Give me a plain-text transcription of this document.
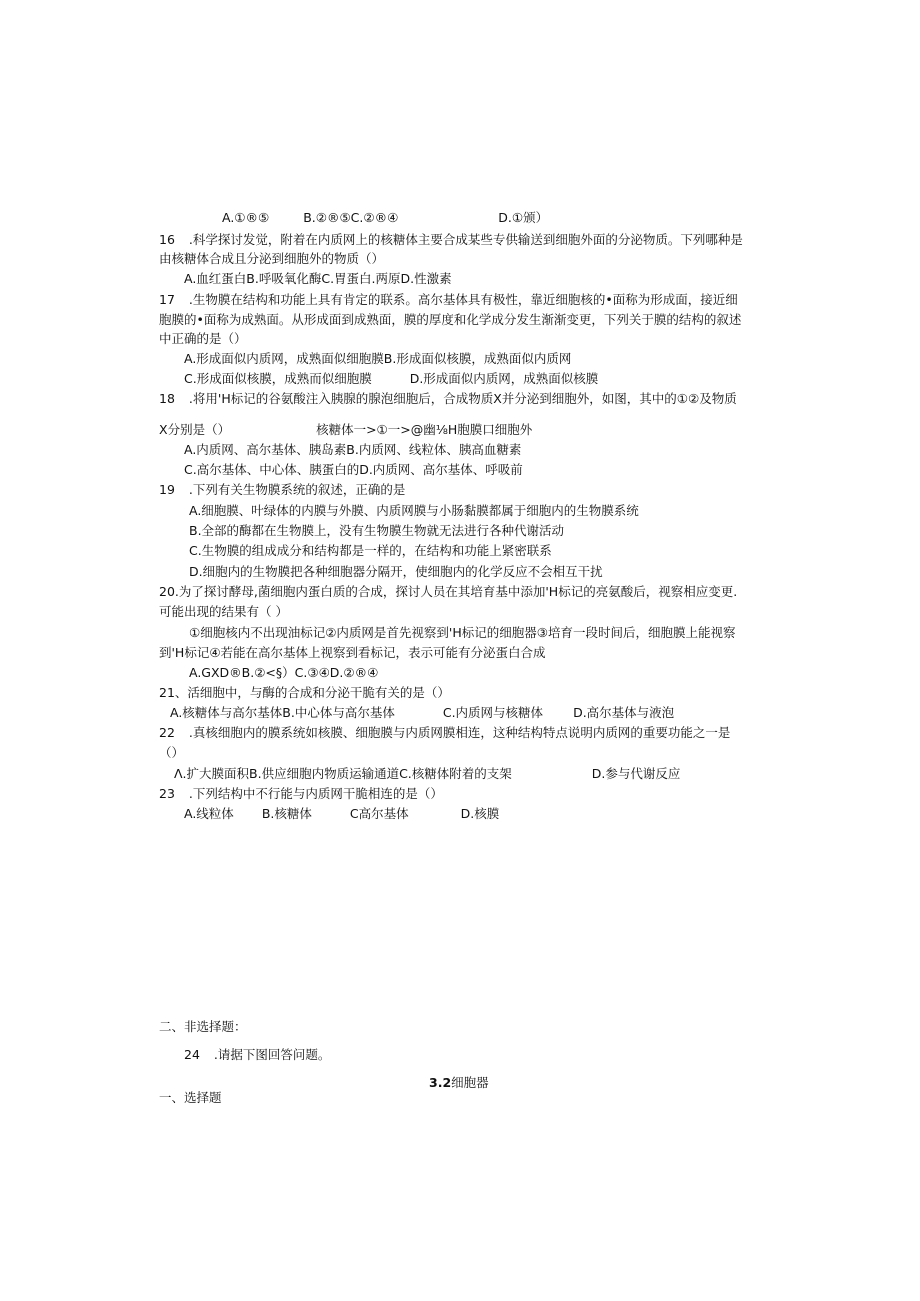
A.①®⑤	B.②®⑤C.②®④	D.①颁）
16 .科学探讨发觉，附着在内质网上的核糖体主要合成某些专供输送到细胞外面的分泌物质。下列哪种是
由核糖体合成且分泌到细胞外的物质（）
A.血红蛋白B.呼吸氧化酶C.胃蛋白.两原D.性激素
17 .生物膜在结构和功能上具有肯定的联系。高尔基体具有极性，靠近细胞核的•面称为形成面，接近细
胞膜的•面称为成熟面。从形成面到成熟面，膜的厚度和化学成分发生渐渐变更，下列关于膜的结构的叙述
中正确的是（）
A.形成面似内质网，成熟面似细胞膜B.形成面似核膜，成熟面似内质网
C.形成面似核膜，成熟而似细胞膜	D.形成面似内质网，成熟面似核膜
18 .将用'H标记的谷氨酸注入胰腺的腺泡细胞后，合成物质X并分泌到细胞外，如图，其中的①②及物质
X分别是（）	核糖体一>①一>@幽⅛H胞膜口细胞外
A.内质网、高尔基体、胰岛素B.内质网、线粒体、胰高血糖素
C.高尔基体、中心体、胰蛋白的D.内质网、高尔基体、呼吸前
19 .下列有关生物膜系统的叙述，正确的是
A.细胞膜、叶绿体的内膜与外膜、内质网膜与小肠黏膜都属于细胞内的生物膜系统
B.全部的酶都在生物膜上，没有生物膜生物就无法进行各种代谢活动
C.生物膜的组成成分和结构都是一样的，在结构和功能上紧密联系
D.细胞内的生物膜把各种细胞器分隔开，使细胞内的化学反应不会相互干扰
20.为了探讨酵母,菌细胞内蛋白质的合成，探讨人员在其培育基中添加'H标记的亮氨酸后，视察相应变更.
可能出现的结果有（ ）
①细胞核内不出现油标记②内质网是首先视察到'H标记的细胞器③培育一段时间后，细胞膜上能视察
到'H标记④若能在高尔基体上视察到看标记，表示可能有分泌蛋白合成
A.GXD®B.②<§）C.③④D.②®④
21、活细胞中，与酶的合成和分泌干脆有关的是（）
A.核糖体与高尔基体B.中心体与高尔基体	C.内质网与核糖体 D.高尔基体与液泡
22 .真核细胞内的膜系统如核膜、细胞膜与内质网膜相连，这种结构特点说明内质网的重要功能之一是
（）
Λ.扩大膜面积B.供应细胞内物质运输通道C.核糖体附着的支架	D.参与代谢反应
23 .下列结构中不行能与内质网干脆相连的是（）
A.线粒体 B.核糖体	C高尔基体	D.核膜
二、非选择题：
24 .请据下图回答问题。
3.2细胞器
一、选择题
